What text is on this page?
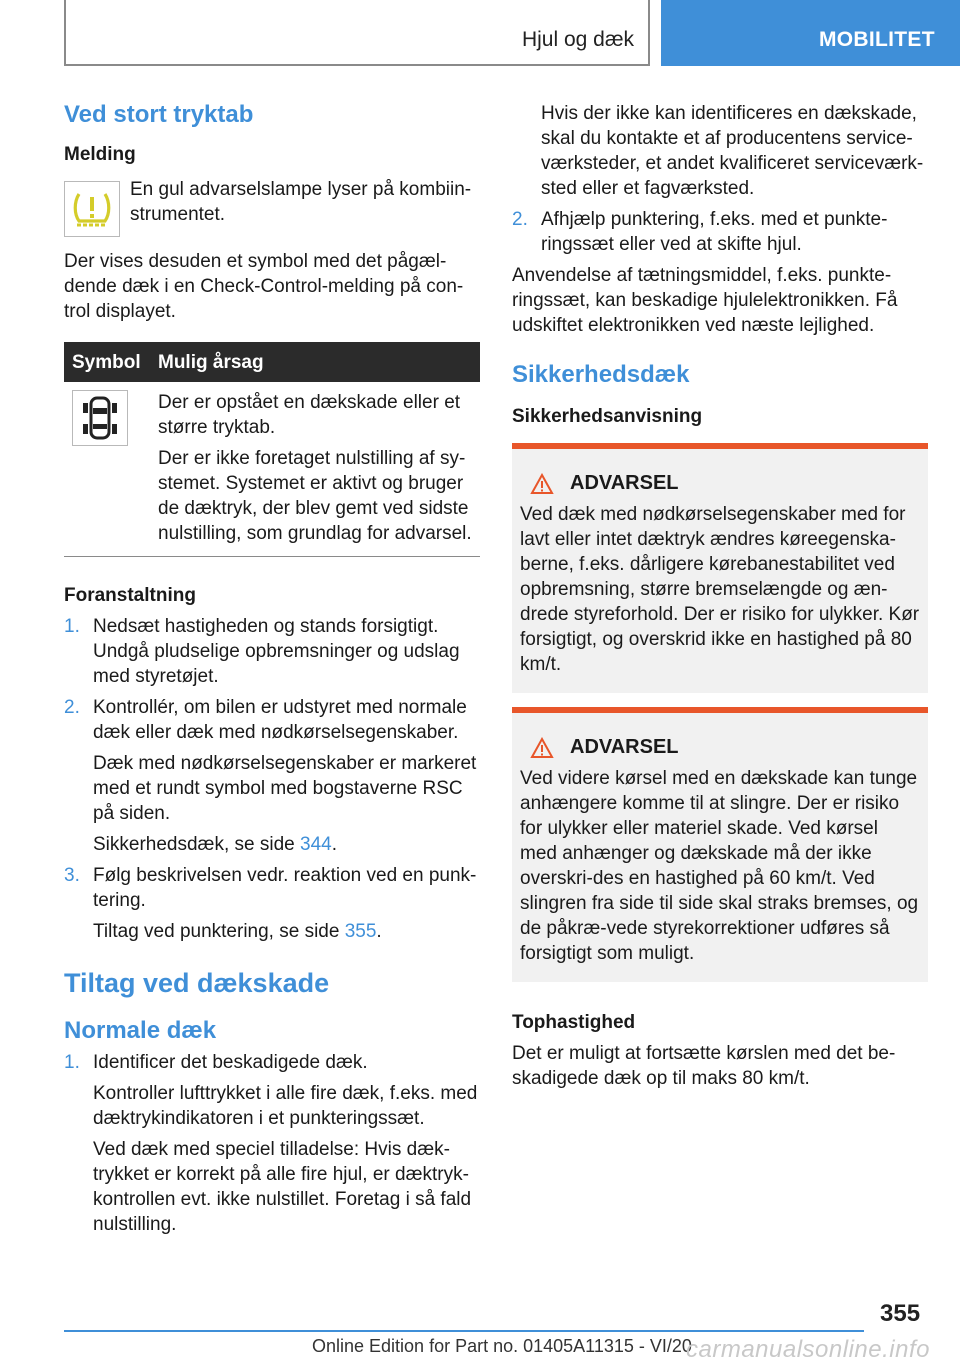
Hjul og dæk	MOBILITET
Ved stort tryktab
Melding

En gul advarselslampe lyser på kombiin-strumentet.

Der vises desuden et symbol med det pågæl-dende dæk i en Check-Control-melding på con-trol displayet.

Symbol	Mulig årsag

Der er opstået en dækskade eller et større tryktab.

Der er ikke foretaget nulstilling af sy-stemet. Systemet er aktivt og bruger de dæktryk, der blev gemt ved sidste nulstilling, som grundlag for advarsel.

Foranstaltning
1. Nedsæt hastigheden og stands forsigtigt. Undgå pludselige opbremsninger og udslag med styretøjet.

2. Kontrollér, om bilen er udstyret med normale dæk eller dæk med nødkørselsegenskaber.

Dæk med nødkørselsegenskaber er markeret med et rundt symbol med bogstaverne RSC på siden.

Sikkerhedsdæk, se side 344.

3. Følg beskrivelsen vedr. reaktion ved en punk-tering.

Tiltag ved punktering, se side 355.

Tiltag ved dækskade
Normale dæk
1. Identificer det beskadigede dæk.

Kontroller lufttrykket i alle fire dæk, f.eks. med dæktrykindikatoren i et punkteringssæt.

Ved dæk med speciel tilladelse: Hvis dæk-trykket er korrekt på alle fire hjul, er dæktryk-kontrollen evt. ikke nulstillet. Foretag i så fald nulstilling.

Hvis der ikke kan identificeres en dækskade, skal du kontakte et af producentens service-værksteder, et andet kvalificeret serviceværk-sted eller et fagværksted.

2. Afhjælp punktering, f.eks. med et punkte-ringssæt eller ved at skifte hjul.

Anvendelse af tætningsmiddel, f.eks. punkte-ringssæt, kan beskadige hjulelektronikken. Få udskiftet elektronikken ved næste lejlighed.

Sikkerhedsdæk
Sikkerhedsanvisning
ADVARSEL

Ved dæk med nødkørselsegenskaber med for lavt eller intet dæktryk ændres køreegenska-berne, f.eks. dårligere kørebanestabilitet ved opbremsning, større bremselængde og æn-drede styreforhold. Der er risiko for ulykker. Kør forsigtigt, og overskrid ikke en hastighed på 80 km/t.

ADVARSEL

Ved videre kørsel med en dækskade kan tunge anhængere komme til at slingre. Der er risiko for ulykker eller materiel skade. Ved kørsel med anhænger og dækskade må der ikke overskri-des en hastighed på 60 km/t. Ved slingren fra side til side skal straks bremses, og de påkræ-vede styrekorrektioner udføres så forsigtigt som muligt.

Tophastighed

Det er muligt at fortsætte kørslen med det be-skadigede dæk op til maks 80 km/t.

355
Online Edition for Part no. 01405A11315 - VI/20
carmanualsonline.info
